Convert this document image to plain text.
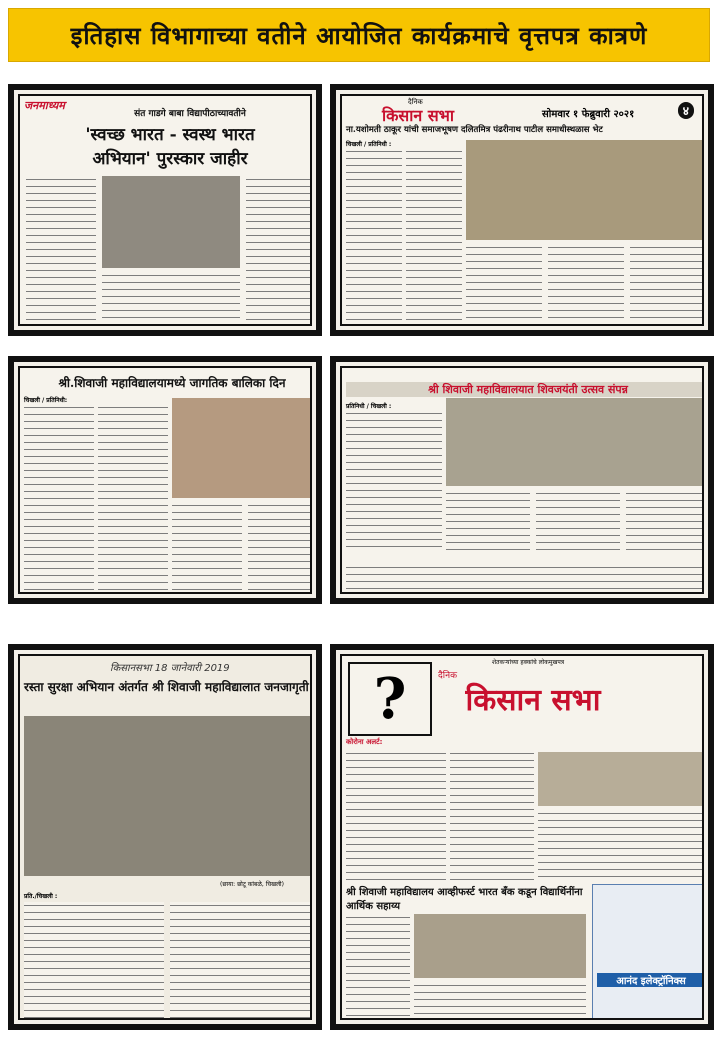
इतिहास विभागाच्या वतीने आयोजित कार्यक्रमाचे वृत्तपत्र कात्रणे
जनमाध्यम
संत गाडगे बाबा विद्यापीठाच्यावतीने
'स्वच्छ भारत - स्वस्थ भारत
अभियान' पुरस्कार जाहीर
दैनिक
किसान सभा	सोमवार १ फेब्रुवारी २०२१	४
ना.यशोमती ठाकूर यांची समाजभूषण दलितमित्र पंढरीनाथ पाटील समाधीस्थळास भेट
चिखली / प्रतिनिधी :
श्री.शिवाजी महाविद्यालयामध्ये जागतिक बालिका दिन
चिखली / प्रतिनिधी:
श्री शिवाजी महाविद्यालयात शिवजयंती उत्सव संपन्न
प्रतिनिधी / चिखली :
किसानसभा 18 जानेवारी 2019
रस्ता सुरक्षा अभियान अंतर्गत श्री शिवाजी महाविद्यालात जनजागृती
(छाया: छोटू कांबळे, चिखली)
प्रति./चिखली :
?
शेतकऱ्यांच्या हक्कांचे लोकमुखपत्र
दैनिक
किसान सभा
कोरोना अलर्ट:
श्री शिवाजी महाविद्यालय आव्हीफर्स्ट भारत बँक कडून विद्यार्थिनींना आर्थिक सहाय्य
आनंद इलेक्ट्रॉनिक्स
